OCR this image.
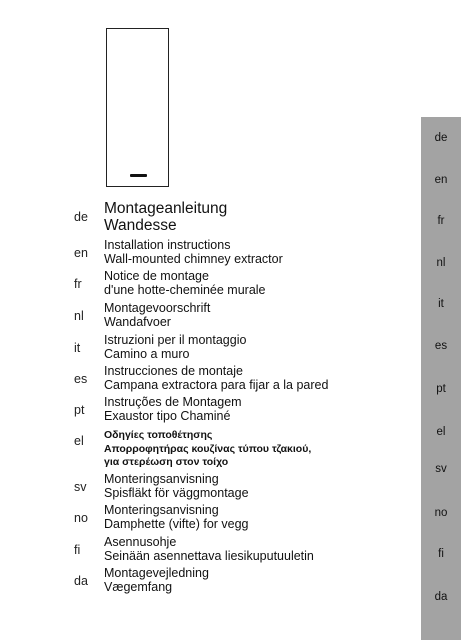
de	Montageanleitung
Wandesse
en
Installation instructions
Wall-mounted chimney extractor
fr
Notice de montage
d'une hotte-cheminée murale
nl
Montagevoorschrift
Wandafvoer
it
Istruzioni per il montaggio
Camino a muro
es
Instrucciones de montaje
Campana extractora para fijar a la pared
pt
Instruções de Montagem
Exaustor tipo Chaminé
el	Οδηγίες τοποθέτησης
Απορροφητήρας κουζίνας τύπου τζακιού,
για στερέωση στον τοίχο
sv
Monteringsanvisning
Spisfläkt för väggmontage
no
Monteringsanvisning
Damphette (vifte) for vegg
fi
Asennusohje
Seinään asennettava liesikuputuuletin
da
Montagevejledning
Vægemfang
de
en
fr
nl
it
es
pt
el
sv
no
fi
da
